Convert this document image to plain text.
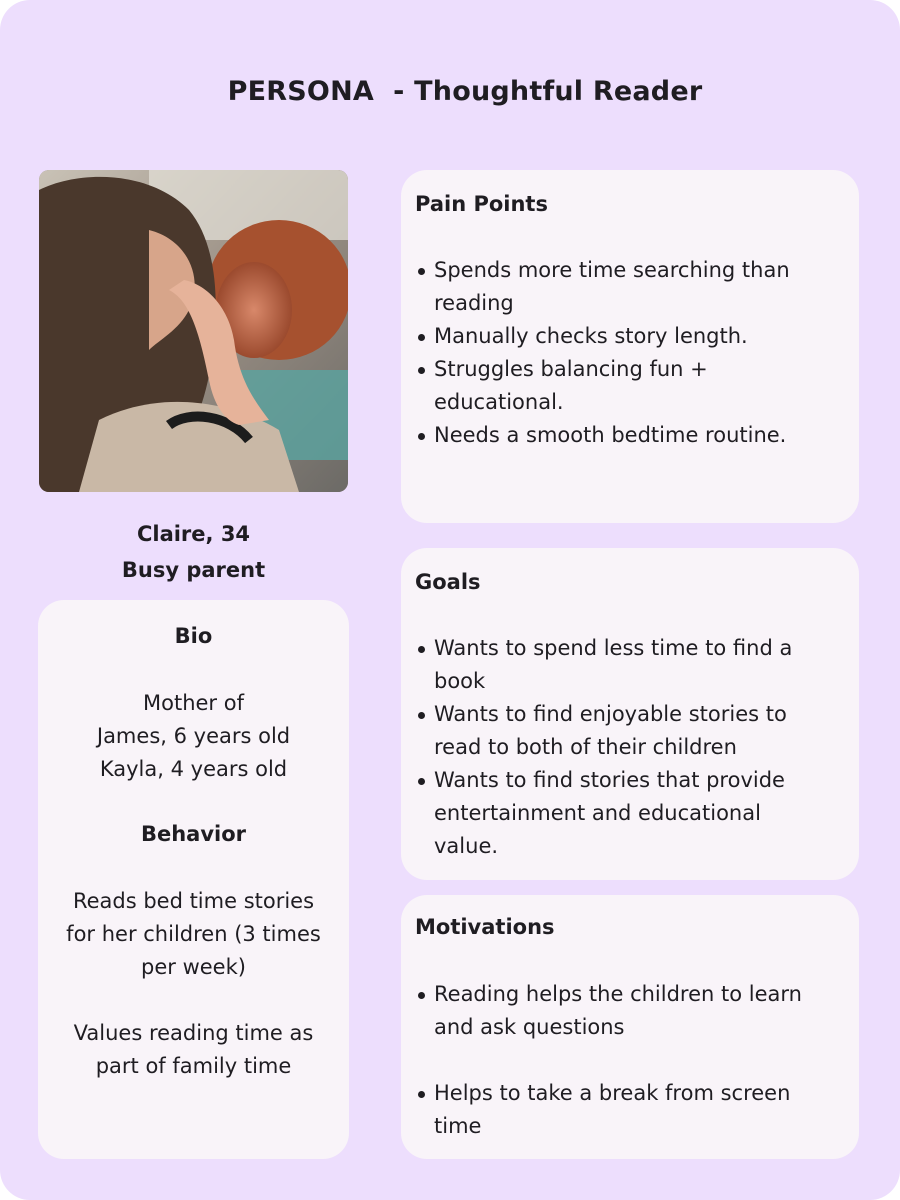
PERSONA  - Thoughtful Reader
Claire, 34
Busy parent
Bio
Mother of
James, 6 years old
Kayla, 4 years old
Behavior
Reads bed time stories
for her children (3 times
per week)
Values reading time as
part of family time
Pain Points
Spends more time searching than
reading
Manually checks story length.
Struggles balancing fun +
educational.
Needs a smooth bedtime routine.
Goals
Wants to spend less time to find a
book
Wants to find enjoyable stories to
read to both of their children
Wants to find stories that provide
entertainment and educational
value.
Motivations
Reading helps the children to learn
and ask questions
Helps to take a break from screen
time
